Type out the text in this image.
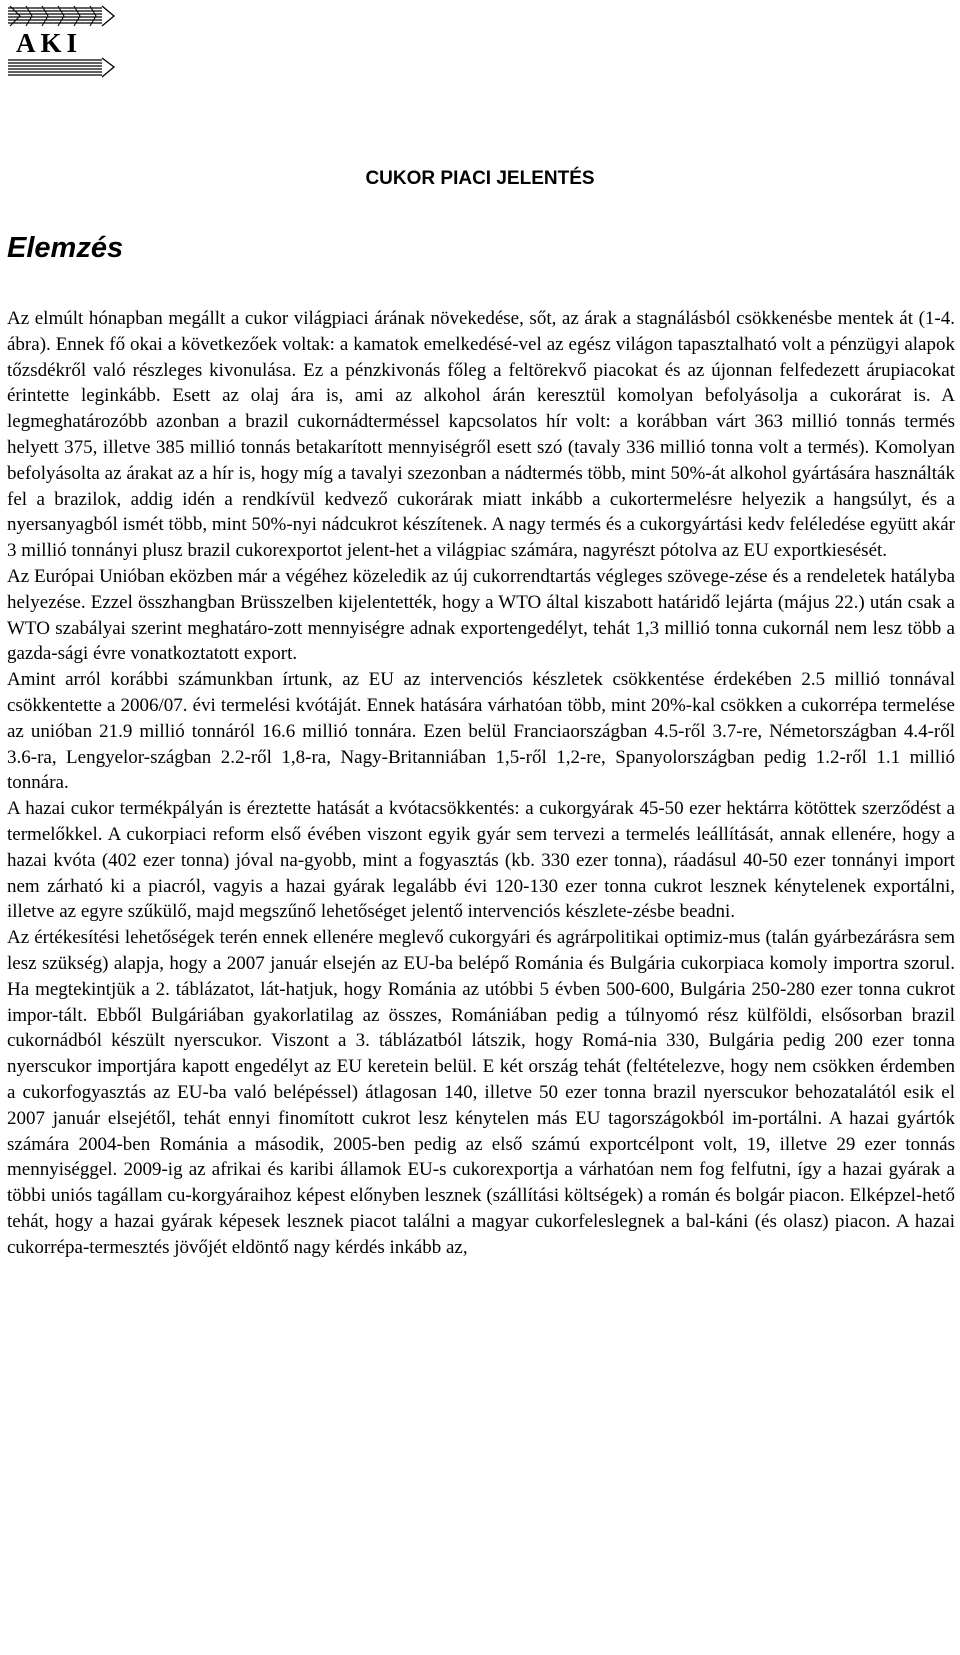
AKI
CUKOR PIACI JELENTÉS
Elemzés

Az elmúlt hónapban megállt a cukor világpiaci árának növekedése, sőt, az árak a stagnálásból csökkenésbe mentek át (1-4. ábra). Ennek fő okai a következőek voltak: a kamatok emelkedésé-vel az egész világon tapasztalható volt a pénzügyi alapok tőzsdékről való részleges kivonulása. Ez a pénzkivonás főleg a feltörekvő piacokat és az újonnan felfedezett árupiacokat érintette leginkább. Esett az olaj ára is, ami az alkohol árán keresztül komolyan befolyásolja a cukorárat is. A legmeghatározóbb azonban a brazil cukornádterméssel kapcsolatos hír volt: a korábban várt 363 millió tonnás termés helyett 375, illetve 385 millió tonnás betakarított mennyiségről esett szó (tavaly 336 millió tonna volt a termés). Komolyan befolyásolta az árakat az a hír is, hogy míg a tavalyi szezonban a nádtermés több, mint 50%-át alkohol gyártására használták fel a brazilok, addig idén a rendkívül kedvező cukorárak miatt inkább a cukortermelésre helyezik a hangsúlyt, és a nyersanyagból ismét több, mint 50%-nyi nádcukrot készítenek. A nagy termés és a cukorgyártási kedv feléledése együtt akár 3 millió tonnányi plusz brazil cukorexportot jelent-het a világpiac számára, nagyrészt pótolva az EU exportkiesését.

Az Európai Unióban eközben már a végéhez közeledik az új cukorrendtartás végleges szövege-zése és a rendeletek hatályba helyezése. Ezzel összhangban Brüsszelben kijelentették, hogy a WTO által kiszabott határidő lejárta (május 22.) után csak a WTO szabályai szerint meghatáro-zott mennyiségre adnak exportengedélyt, tehát 1,3 millió tonna cukornál nem lesz több a gazda-sági évre vonatkoztatott export.

Amint arról korábbi számunkban írtunk, az EU az intervenciós készletek csökkentése érdekében 2.5 millió tonnával csökkentette a 2006/07. évi termelési kvótáját. Ennek hatására várhatóan több, mint 20%-kal csökken a cukorrépa termelése az unióban 21.9 millió tonnáról 16.6 millió tonnára. Ezen belül Franciaországban 4.5-ről 3.7-re, Németországban 4.4-ről 3.6-ra, Lengyelor-szágban 2.2-ről 1,8-ra, Nagy-Britanniában 1,5-ről 1,2-re, Spanyolországban pedig 1.2-ről 1.1 millió tonnára.

A hazai cukor termékpályán is éreztette hatását a kvótacsökkentés: a cukorgyárak 45-50 ezer hektárra kötöttek szerződést a termelőkkel. A cukorpiaci reform első évében viszont egyik gyár sem tervezi a termelés leállítását, annak ellenére, hogy a hazai kvóta (402 ezer tonna) jóval na-gyobb, mint a fogyasztás (kb. 330 ezer tonna), ráadásul 40-50 ezer tonnányi import nem zárható ki a piacról, vagyis a hazai gyárak legalább évi 120-130 ezer tonna cukrot lesznek kénytelenek exportálni, illetve az egyre szűkülő, majd megszűnő lehetőséget jelentő intervenciós készlete-zésbe beadni.

Az értékesítési lehetőségek terén ennek ellenére meglevő cukorgyári és agrárpolitikai optimiz-mus (talán gyárbezárásra sem lesz szükség) alapja, hogy a 2007 január elsején az EU-ba belépő Románia és Bulgária cukorpiaca komoly importra szorul. Ha megtekintjük a 2. táblázatot, lát-hatjuk, hogy Románia az utóbbi 5 évben 500-600, Bulgária 250-280 ezer tonna cukrot impor-tált. Ebből Bulgáriában gyakorlatilag az összes, Romániában pedig a túlnyomó rész külföldi, elsősorban brazil cukornádból készült nyerscukor. Viszont a 3. táblázatból látszik, hogy Romá-nia 330, Bulgária pedig 200 ezer tonna nyerscukor importjára kapott engedélyt az EU keretein belül. E két ország tehát (feltételezve, hogy nem csökken érdemben a cukorfogyasztás az EU-ba való belépéssel) átlagosan 140, illetve 50 ezer tonna brazil nyerscukor behozatalától esik el 2007 január elsejétől, tehát ennyi finomított cukrot lesz kénytelen más EU tagországokból im-portálni. A hazai gyártók számára 2004-ben Románia a második, 2005-ben pedig az első számú exportcélpont volt, 19, illetve 29 ezer tonnás mennyiséggel. 2009-ig az afrikai és karibi államok EU-s cukorexportja a várhatóan nem fog felfutni, így a hazai gyárak a többi uniós tagállam cu-korgyáraihoz képest előnyben lesznek (szállítási költségek) a román és bolgár piacon. Elképzel-hető tehát, hogy a hazai gyárak képesek lesznek piacot találni a magyar cukorfeleslegnek a bal-káni (és olasz) piacon. A hazai cukorrépa-termesztés jövőjét eldöntő nagy kérdés inkább az,
